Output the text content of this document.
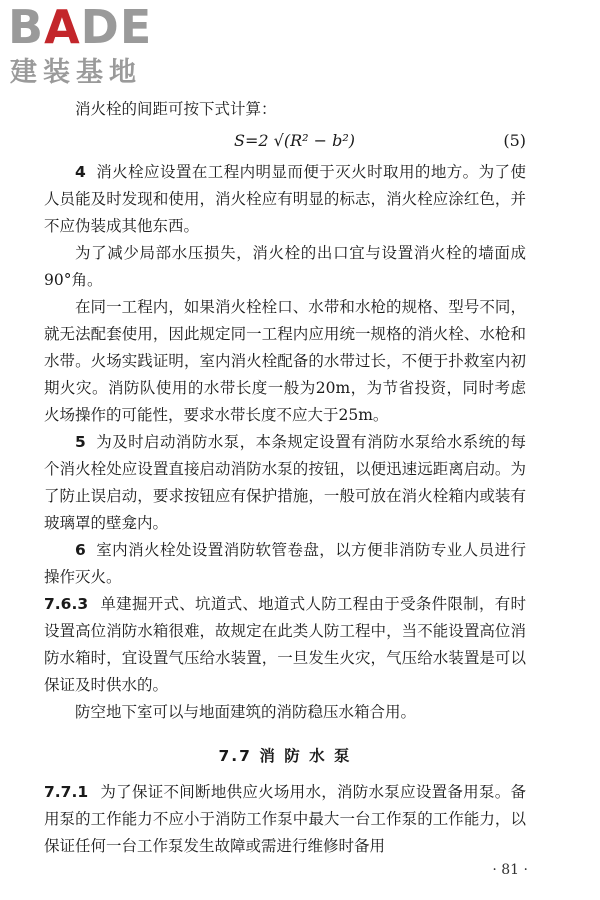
BADE
建装基地

消火栓的间距可按下式计算：

S=2 √(R² − b²)	(5)

4 消火栓应设置在工程内明显而便于灭火时取用的地方。为了使人员能及时发现和使用，消火栓应有明显的标志，消火栓应涂红色，并不应伪装成其他东西。

为了减少局部水压损失，消火栓的出口宜与设置消火栓的墙面成90°角。

在同一工程内，如果消火栓栓口、水带和水枪的规格、型号不同，就无法配套使用，因此规定同一工程内应用统一规格的消火栓、水枪和水带。火场实践证明，室内消火栓配备的水带过长，不便于扑救室内初期火灾。消防队使用的水带长度一般为20m，为节省投资，同时考虑火场操作的可能性，要求水带长度不应大于25m。

5 为及时启动消防水泵，本条规定设置有消防水泵给水系统的每个消火栓处应设置直接启动消防水泵的按钮，以便迅速远距离启动。为了防止误启动，要求按钮应有保护措施，一般可放在消火栓箱内或装有玻璃罩的壁龛内。

6 室内消火栓处设置消防软管卷盘，以方便非消防专业人员进行操作灭火。

7.6.3 单建掘开式、坑道式、地道式人防工程由于受条件限制，有时设置高位消防水箱很难，故规定在此类人防工程中，当不能设置高位消防水箱时，宜设置气压给水装置，一旦发生火灾，气压给水装置是可以保证及时供水的。

防空地下室可以与地面建筑的消防稳压水箱合用。

7.7 消 防 水 泵

7.7.1 为了保证不间断地供应火场用水，消防水泵应设置备用泵。备用泵的工作能力不应小于消防工作泵中最大一台工作泵的工作能力，以保证任何一台工作泵发生故障或需进行维修时备用

· 81 ·
